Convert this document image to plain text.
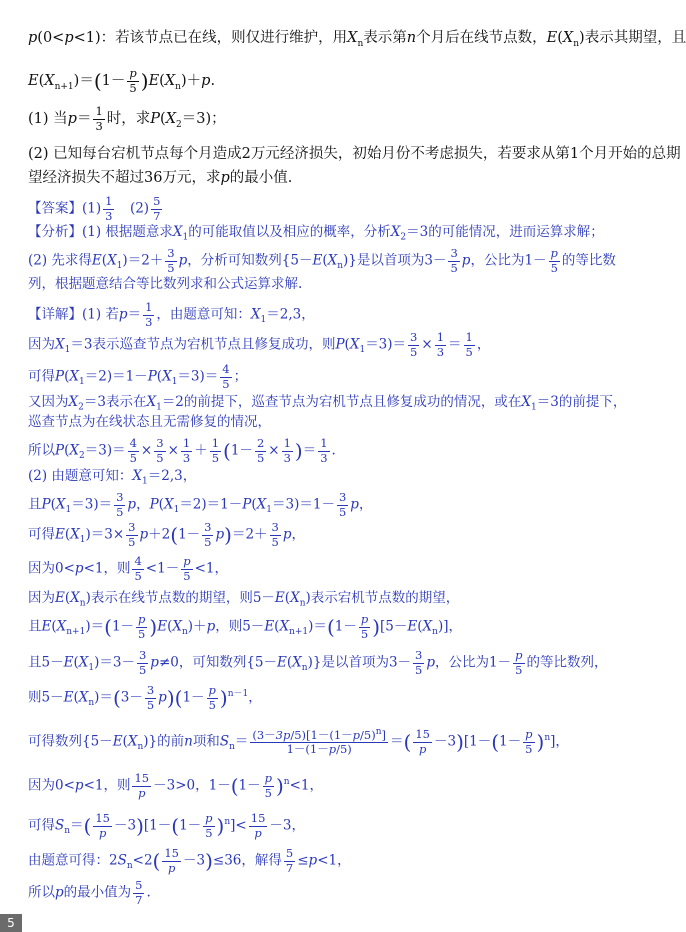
p(0<p<1)：若该节点已在线，则仅进行维护，用$X_n$表示第n个月后在线节点数，$E(X_n)$表示其期望，且
$E(X_{n+1})=(1- \frac{p}{5} )E(X_n)+p$.
(1) 当$p= \frac{1}{3}$ 时，求$P(X_2=3)$；
(2) 已知每台宕机节点每个月造成2万元经济损失，初始月份不考虑损失，若要求从第1个月开始的总期
望经济损失不超过36万元，求p的最小值.
【答案】$(1) \frac{1}{3}$ 　$(2) \frac{5}{7}$
【分析】(1) 根据题意求$X_1$的可能取值以及相应的概率，分析$X_2=3$的可能情况，进而运算求解；
(2) 先求得$E(X_1)=2+ \frac{3}{5}$ p，分析可知数列$\{5-E(X_n)\}$是以首项为$3- \frac{3}{5}$ p，公比为$1- \frac{p}{5}$ 的等比数
列，根据题意结合等比数列求和公式运算求解.
【详解】(1) 若$p= \frac{1}{3}$ ，由题意可知：$X_1=2,3$，
因为$X_1=3$表示巡查节点为宕机节点且修复成功，则$P(X_1=3)= \frac{3}{5} \times \frac{1}{3} = \frac{1}{5}$ ，
可得$P(X_1=2)=1-P(X_1=3)= \frac{4}{5}$ ；
又因为$X_2=3$表示在$X_1=2$的前提下，巡查节点为宕机节点且修复成功的情况，或在$X_1=3$的前提下，
巡查节点为在线状态且无需修复的情况，
所以$P(X_2=3)= \frac{4}{5} \times \frac{3}{5} \times \frac{1}{3} + \frac{1}{5} (1- \frac{2}{5} \times \frac{1}{3}$ )＝ $\frac{1}{3}$ .
(2) 由题意可知：$X_1=2,3$，
且$P(X_1=3)= \frac{3}{5}$ p，$P(X_1=2)=1-P(X_1=3)=1- \frac{3}{5}$ p，
可得$E(X_1)=3\times \frac{3}{5} p+2(1- \frac{3}{5} p)=2+ \frac{3}{5}$ p，
因为0<p<1，则 $\frac{4}{5} <1- \frac{p}{5} <1$，
因为$E(X_n)$表示在线节点数的期望，则$5-E(X_n)$表示宕机节点数的期望，
且$E(X_{n+1})=(1- \frac{p}{5} )E(X_n)+p$，则$5-E(X_{n+1})=(1- \frac{p}{5} )[5-E(X_n)]$，
且$5-E(X_1)=3- \frac{3}{5} p\ne 0$，可知数列$\{5-E(X_n)\}$是以首项为$3- \frac{3}{5}$ p，公比为$1- \frac{p}{5}$ 的等比数列，
则$5-E(X_n)=(3- \frac{3}{5} p)(1- \frac{p}{5} )^{n-1}$，
可得数列$\{5-E(X_n)\}$的前n项和$S_n= \frac{(3-3p/5)[1-(1-p/5)^n]}{1-(1-p/5)}$ ＝( $\frac{15}{p} -3)[1-(1- \frac{p}{5} )^n]$，
因为0<p<1，则 $\frac{15}{p} -3>0$，$1-(1- \frac{p}{5} )^n<1$，
可得$S_n=( \frac{15}{p} -3)[1-(1- \frac{p}{5} )^n]< \frac{15}{p} -3$，
由题意可得：$2S_n<2( \frac{15}{p} -3)\le 36$，解得 $\frac{5}{7} \le p<1$，
所以p的最小值为 $\frac{5}{7}$ .
5
